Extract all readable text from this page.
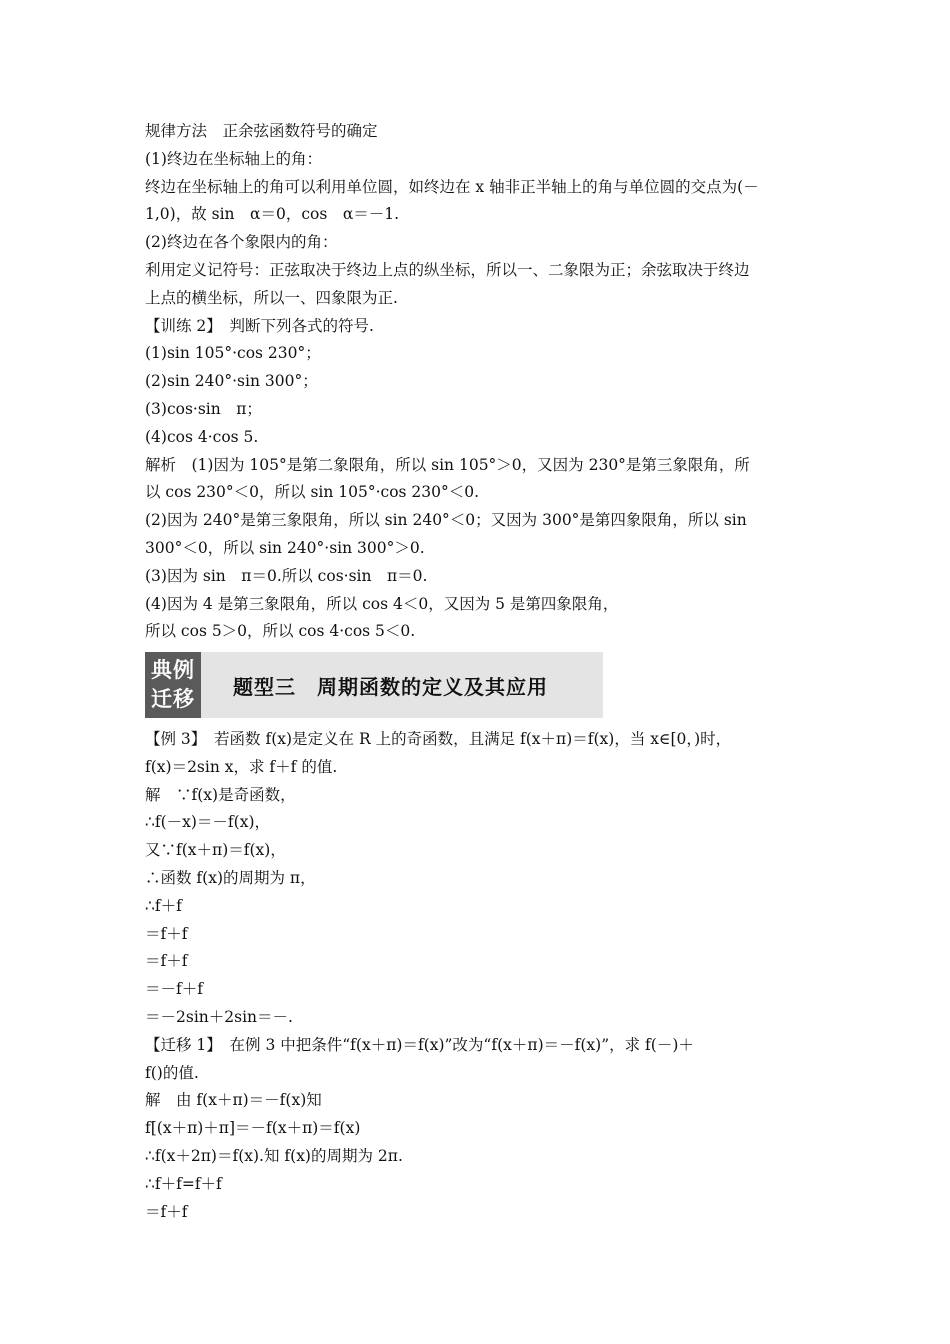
规律方法　正余弦函数符号的确定
(1)终边在坐标轴上的角：
终边在坐标轴上的角可以利用单位圆，如终边在 x 轴非正半轴上的角与单位圆的交点为(－
1,0)，故 sin　α＝0，cos　α＝－1.
(2)终边在各个象限内的角：
利用定义记符号：正弦取决于终边上点的纵坐标，所以一、二象限为正；余弦取决于终边
上点的横坐标，所以一、四象限为正.
【训练 2】　判断下列各式的符号.
(1)sin 105°·cos 230°；
(2)sin 240°·sin 300°；
(3)cos·sin　π；
(4)cos 4·cos 5.
解析　(1)因为 105°是第二象限角，所以 sin 105°＞0，又因为 230°是第三象限角，所
以 cos 230°＜0，所以 sin 105°·cos 230°＜0.
(2)因为 240°是第三象限角，所以 sin 240°＜0；又因为 300°是第四象限角，所以 sin
300°＜0，所以 sin 240°·sin 300°＞0.
(3)因为 sin　π＝0.所以 cos·sin　π＝0.
(4)因为 4 是第三象限角，所以 cos 4＜0，又因为 5 是第四象限角，
所以 cos 5＞0，所以 cos 4·cos 5＜0.
典例
迁移
题型三　周期函数的定义及其应用
【例 3】　若函数 f(x)是定义在 R 上的奇函数，且满足 f(x＋π)＝f(x)，当 x∈[0，)时，
f(x)＝2sin x，求 f＋f 的值.
解　∵f(x)是奇函数，
∴f(－x)＝－f(x)，
又∵f(x＋π)＝f(x)，
∴函数 f(x)的周期为 π，
∴f＋f
＝f＋f
＝f＋f
＝－f＋f
＝－2sin＋2sin＝－.
【迁移 1】　在例 3 中把条件“f(x＋π)＝f(x)”改为“f(x＋π)＝－f(x)”，求 f(－)＋
f()的值.
解　由 f(x＋π)＝－f(x)知
f[(x＋π)＋π]＝－f(x＋π)＝f(x)
∴f(x＋2π)＝f(x).知 f(x)的周期为 2π.
∴f＋f=f＋f
＝f＋f
